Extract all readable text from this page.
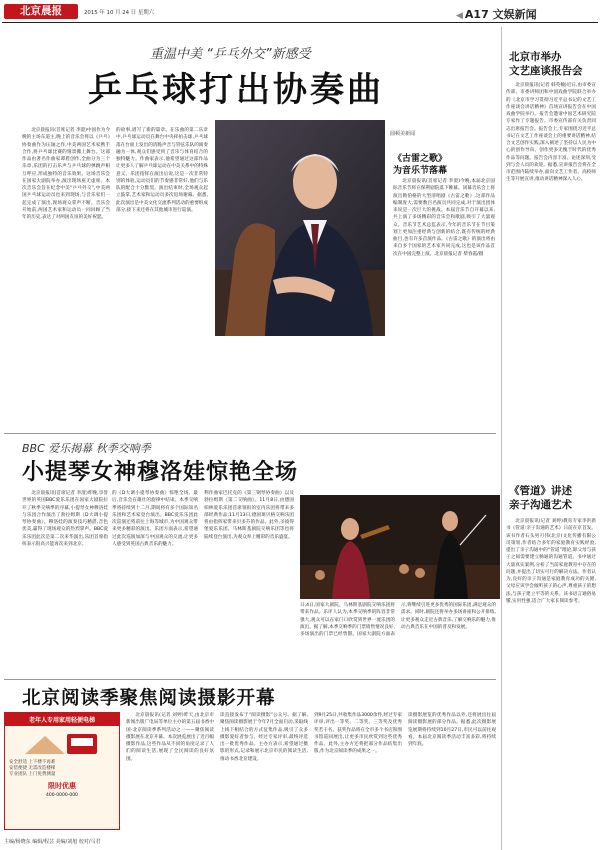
北京晨报	2015 年 10 月 24 日 星期六	◀ A17 文娱新闻
重温中美 “乒乓外交”新感受
乒乓球打出协奏曲

北京晨报讯(首席记者 李澄)中国作为今晚的主场东道主,晚上的音乐会将以《乒乓》协奏曲作为压轴之作,中美两国艺术家携手合作,将乒乓球比赛的情景搬上舞台。这部作品由著名作曲家谭盾创作,全曲分为三个乐章,乐团的打击乐声与乒乓球的弹跳声相互呼应,形成独特的音乐效果。这场音乐会在国家大剧院举办,演出现场座无虚席。本次音乐会旨在纪念中美“乒乓外交”,中美两国乒乓球运动员也来到现场,与音乐家们一起完成了演出,现场观众掌声不断。音乐会开始前,两国艺术家和运动员一同回顾了当年的历史,表达了对两国友谊的美好祝愿。

的故事,谱写了新的篇章。在乐曲的第二乐章中,乒乓球运动员在舞台中央挥拍击球,乒乓球落在台面上发出的清脆声音与管弦乐队的演奏融为一体,观众们感受到了音乐与体育结合的独特魅力。作曲家表示,他希望通过这部作品让更多人了解乒乓球运动在中美关系中的特殊意义。乐团指挥在演出后说,这是一次非常特别的体验,运动员们的节奏感非常好,他们与乐队的配合十分默契。演出结束时,全场观众起立鼓掌,艺术家和运动员多次返场谢幕。据悉,此次演出是中美文化交流系列活动的重要组成部分,接下来还将在其他城市进行巡演。

圆顿美新闻
《古雷之歌》
为音乐节落幕

北京晨报讯(首席记者 李澄)今晚,本届北京国际音乐节将在保利剧院落下帷幕。闭幕音乐会上将演出勋伯格的大型清唱剧《古雷之歌》,这部作品编制庞大,需要数百名演员共同完成,对于演出团体来说是一次巨大的挑战。本届音乐节自开幕以来,共上演了多场精彩的音乐会和歌剧,吸引了大量观众。音乐节艺术总监表示,今年的音乐节在节目策划上更加注重经典与创新的结合,既有传统的经典曲目,也有许多首演作品。《古雷之歌》的演出将由来自多个国家的艺术家共同完成,这也是该作品首次在中国完整上演。北京晨报记者 柴春霞/摄

北京市举办
文艺座谈报告会

北京晨报讯(记者 韩英楠)近日,由市委宣传部、市委讲师团和中国戏曲学院联合举办的《北京市学习贯彻习近平总书记的文艺工作座谈会讲话精神》首场宣讲报告会在中国戏曲学院举行。报告会邀请中国艺术研究院专家作了专题报告。市委宣传部有关负责同志出席报告会。报告会上,专家围绕习近平总书记在文艺工作座谈会上的重要讲话精神,结合文艺创作实践,深入阐述了坚持以人民为中心的创作导向、创作更多无愧于时代的优秀作品等问题。报告会内容丰富、论述深刻,受到与会人员的欢迎。据悉,宣讲报告会将在全市范围内陆续举办,面向文艺工作者、高校师生等开展宣讲,推动讲话精神深入人心。

《管道》讲述
亲子沟通艺术

北京晨报讯(记者 刘婷)教育专家李洪新书《管道:亲子沟通的艺术》日前在京首发。该书作者石头男刃伟(北京)文化传播有限公司策划,作者结合多年的家庭教育实践经验,提出了亲子沟通中的“管道”理论,即父母与孩子之间需要建立畅通的沟通管道。书中通过大量真实案例,分析了当前家庭教育中存在的问题,并提出了切实可行的解决方法。作者认为,良好的亲子沟通是家庭教育成功的关键,父母应该学会倾听孩子的心声,尊重孩子的想法,与孩子建立平等的关系。该书语言通俗易懂,实用性强,适合广大家长阅读参考。

BBC 爱乐揭幕 秋季交响季
小提琴女神穆洛娃惊艳全场

北京晨报讯(首席记者 李澄)昨晚,享誉世界的英国BBC爱乐乐团在国家大剧院拉开了秋季交响季的序幕,小提琴女神穆洛娃与乐团合作演出了勃拉姆斯《D大调小提琴协奏曲》。穆洛娃的演奏技巧精湛,音色优美,赢得了现场观众的热烈掌声。BBC爱乐乐团此次是第二次来华演出,乐团首席指挥表示很高兴能再次来到北京。

的《D大调小提琴协奏曲》惊艳全场。最后,音乐会在雄壮的旋律中结束。本季交响季将持续到十二月,期间将有多个国际知名乐团和艺术家登台演出。BBC爱乐乐团此次巡演还将前往上海等城市,为中国观众带来更多精彩的演出。乐团方面表示,希望通过此次巡演加深与中国观众的交流,让更多人感受到英国古典音乐的魅力。

利作曲家巴托克的《第三钢琴协奏曲》以及勃拉姆斯《第二交响曲》。11月8日,由德国柏林爱乐乐团首席领衔的室内乐团将带来多部经典作品;11月13日,德国斑贝格交响乐团将由指挥家带来贝多芬的作品。此外,圣彼得堡爱乐乐团、马林斯基剧院交响乐团等也将陆续登台演出,为观众奉上精彩的音乐盛宴。

日,4日,国家大剧院、马林斯基剧院交响乐团将带来作品。乐评人认为,本季交响季的阵容非常强大,观众可以在家门口欣赏到世界一流乐团的演出。据了解,本季交响季的门票销售情况良好,多场演出的门票已经售罄。国家大剧院方面表示,将继续引进更多优秀的国际乐团,满足观众的需求。同时,剧院还将举办多场讲座和公开排练,让更多观众走近古典音乐,了解交响乐的魅力,推动古典音乐在中国的普及和发展。

北京阅读季聚焦阅读摄影开幕
老年人专用家用轻便电梯
安全舒适 上下楼不再难
安装便捷 无需改造楼梯
专业团队 上门免费测量
限时优惠
400-0000-000

北京晨报讯(记者 刘婷)昨天,由北京市新闻出版广电局等单位主办的第五届书香中国·北京阅读季系列活动之一——聚焦阅读摄影展在北京开幕。本次展览展出了近百幅摄影作品,这些作品从不同的角度记录了人们的阅读生活,展现了全民阅读的良好氛围。

读直接发布于“阅读摄影”公众号。据了解,聚焦阅读摄影展于今年7月全面启动,采取线上线下相结合的方式征集作品,吸引了众多摄影爱好者参与。经过专家评审,最终评选出一批优秀作品。主办方表示,希望通过摄影的形式,记录和展示北京市民的阅读生活,推动书香北京建设。

到9月25日,共收集作品3000余件,经过专家评审,评出一等奖、二等奖、三等奖及优秀奖若干名。获奖作品将在全市多个书店和图书馆巡回展出,让更多市民欣赏到这些优秀作品。此外,主办方还将把部分作品结集出版,作为北京阅读季的成果之一。

读摄影展览的优秀作品以外,还将展出往届阅读摄影展的部分作品。据悉,此次摄影展览展期将持续到10月27日,市民可以前往观看。本届北京阅读季活动丰富多彩,将持续到年底。

主编/杨晓东 编辑/程芸 美编/刘旭 校对/马君
